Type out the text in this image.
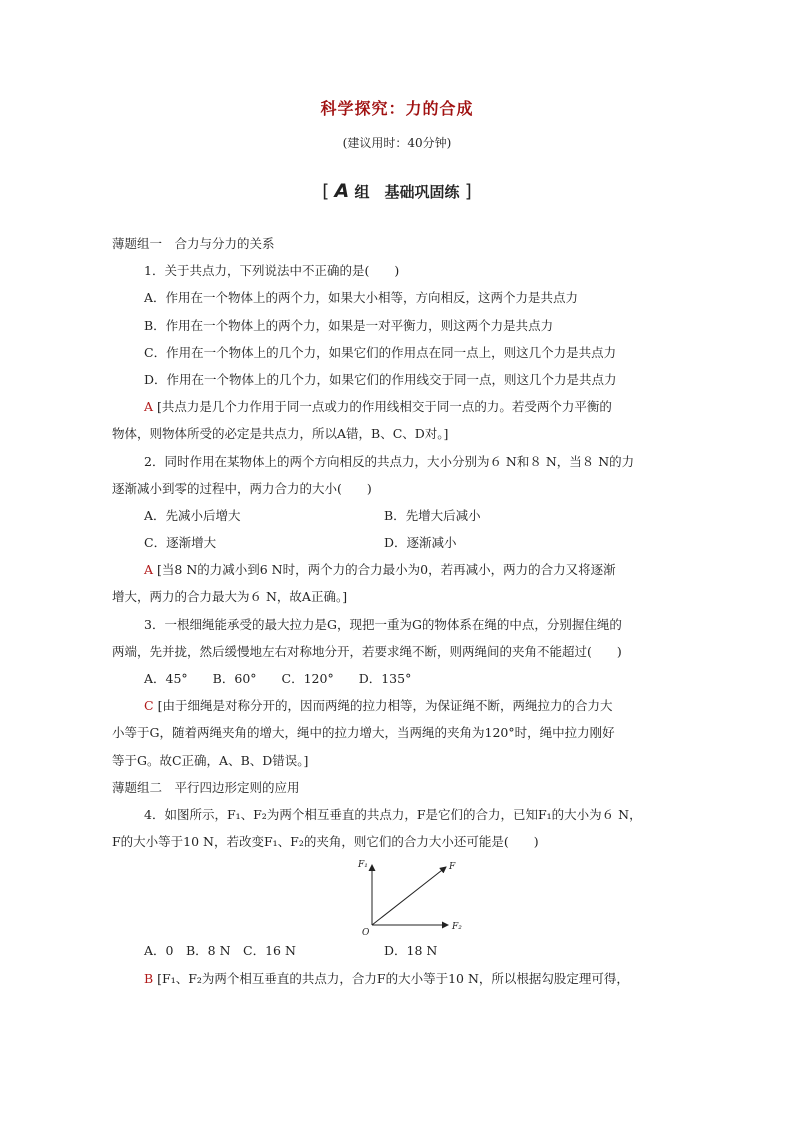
科学探究：力的合成
(建议用时：40分钟)
[ A 组　基础巩固练 ]
薄题组一　合力与分力的关系
1．关于共点力，下列说法中不正确的是(　　)
A．作用在一个物体上的两个力，如果大小相等，方向相反，这两个力是共点力
B．作用在一个物体上的两个力，如果是一对平衡力，则这两个力是共点力
C．作用在一个物体上的几个力，如果它们的作用点在同一点上，则这几个力是共点力
D．作用在一个物体上的几个力，如果它们的作用线交于同一点，则这几个力是共点力
A [共点力是几个力作用于同一点或力的作用线相交于同一点的力。若受两个力平衡的
物体，则物体所受的必定是共点力，所以A错，B、C、D对。]
2．同时作用在某物体上的两个方向相反的共点力，大小分别为６ N和８ N，当８ N的力
逐渐减小到零的过程中，两力合力的大小(　　)
A．先减小后增大	B．先增大后减小
C．逐渐增大	D．逐渐减小
A [当8 N的力减小到6 N时，两个力的合力最小为0，若再减小，两力的合力又将逐渐
增大，两力的合力最大为６ N，故A正确。]
3．一根细绳能承受的最大拉力是G，现把一重为G的物体系在绳的中点，分别握住绳的
两端，先并拢，然后缓慢地左右对称地分开，若要求绳不断，则两绳间的夹角不能超过(　　)
A．45°　　B．60°　　C．120°　　D．135°
C [由于细绳是对称分开的，因而两绳的拉力相等，为保证绳不断，两绳拉力的合力大
小等于G，随着两绳夹角的增大，绳中的拉力增大，当两绳的夹角为120°时，绳中拉力刚好
等于G。故C正确，A、B、D错误。]
薄题组二　平行四边形定则的应用
4．如图所示，F₁、F₂为两个相互垂直的共点力，F是它们的合力，已知F₁的大小为６ N，
F的大小等于10 N，若改变F₁、F₂的夹角，则它们的合力大小还可能是(　　)
F₁	F
O
F₂
A．0　B．8 N　C．16 N	D．18 N
B [F₁、F₂为两个相互垂直的共点力，合力F的大小等于10 N，所以根据勾股定理可得，
